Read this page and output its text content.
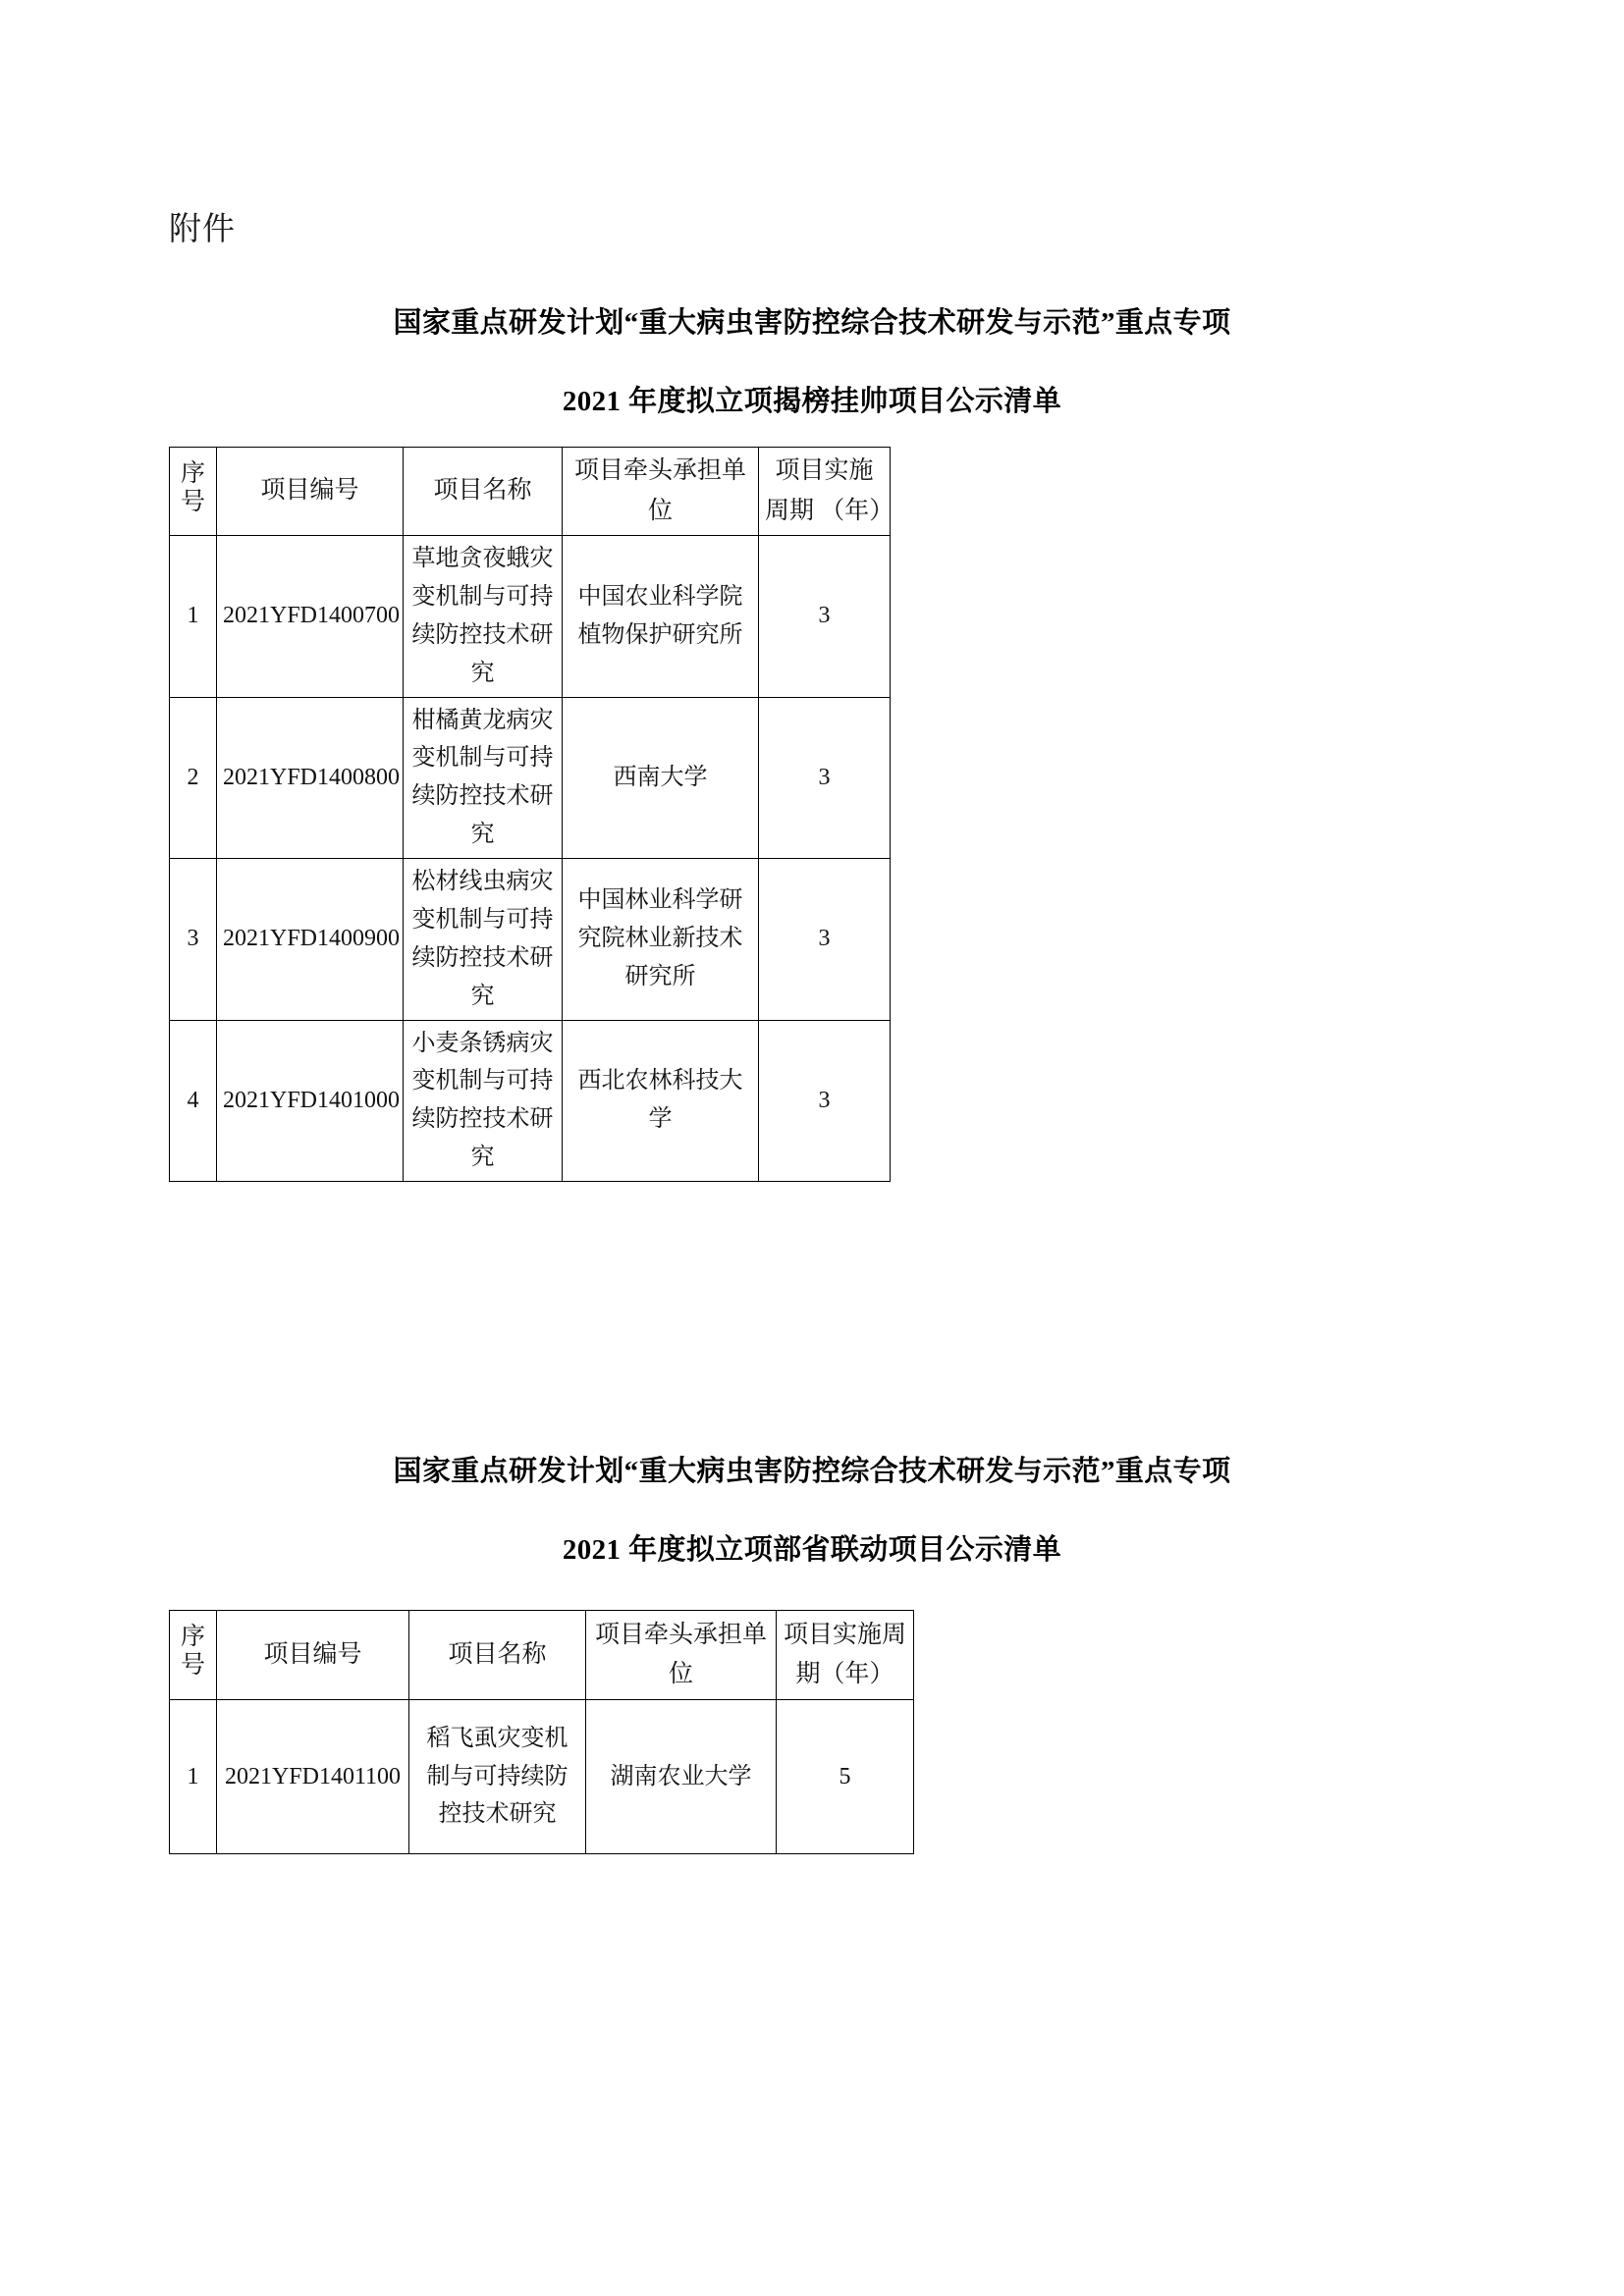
附件
国家重点研发计划“重大病虫害防控综合技术研发与示范”重点专项
2021 年度拟立项揭榜挂帅项目公示清单
序号	项目编号	项目名称	项目牵头承担单位	项目实施周期 （年）
1	2021YFD1400700	草地贪夜蛾灾变机制与可持续防控技术研究	中国农业科学院植物保护研究所	3
2	2021YFD1400800	柑橘黄龙病灾变机制与可持续防控技术研究	西南大学	3
3	2021YFD1400900	松材线虫病灾变机制与可持续防控技术研究	中国林业科学研究院林业新技术研究所	3
4	2021YFD1401000	小麦条锈病灾变机制与可持续防控技术研究	西北农林科技大学	3
国家重点研发计划“重大病虫害防控综合技术研发与示范”重点专项
2021 年度拟立项部省联动项目公示清单
序号	项目编号	项目名称	项目牵头承担单位	项目实施周期（年）
1	2021YFD1401100	稻飞虱灾变机制与可持续防控技术研究	湖南农业大学	5
